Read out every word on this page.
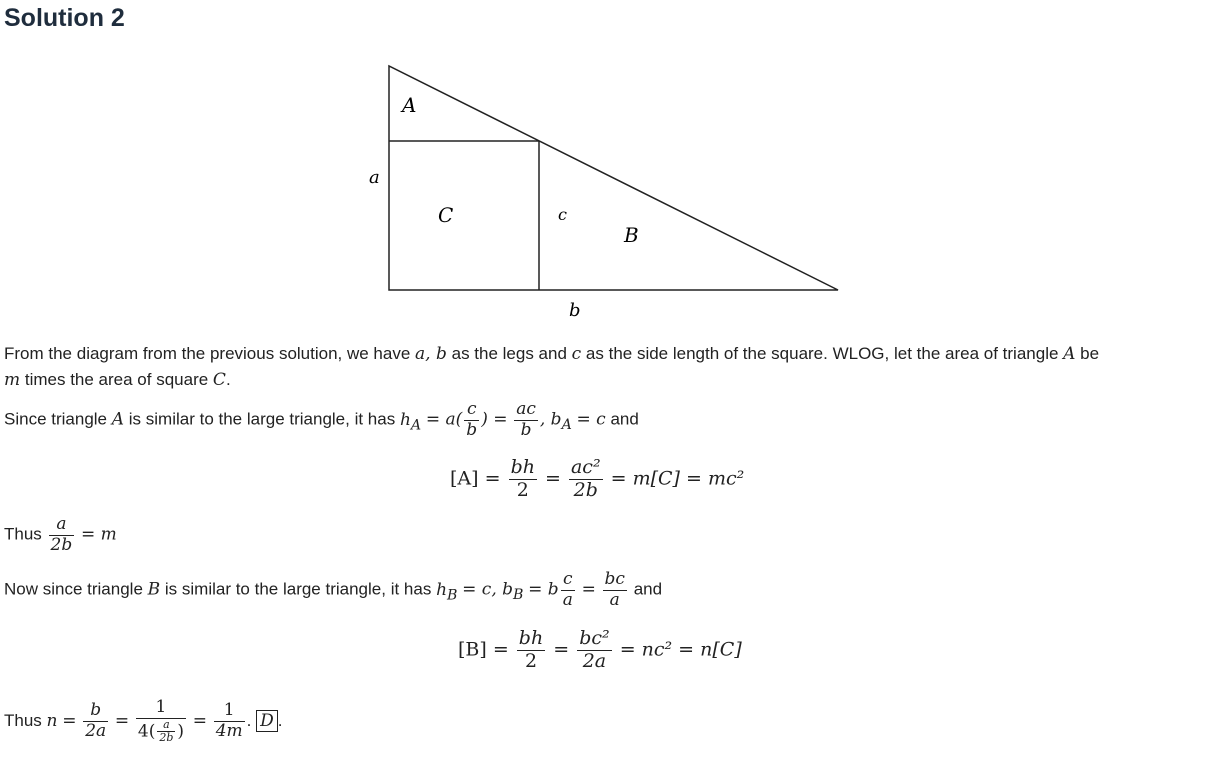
Solution 2
A
C
B
a
c
b
From the diagram from the previous solution, we have a, b as the legs and c as the side length of the square. WLOG, let the area of triangle A be
m times the area of square C.
Since triangle A is similar to the large triangle, it has $h_A = a( \frac{c}{b}$ ) = $\frac{ac}{b}$ , $b_A = c$ and
$[A] = \frac{bh}{2} = \frac{\text{ac²}}{2b} = m[C] = mc^2$
Thus $\frac{a}{2b} = m$
Now since triangle B is similar to the large triangle, it has $h_B = c$, $b_B = b \frac{c}{a} = \frac{bc}{a}$ and
$[B] = \frac{bh}{2} = \frac{\text{bc²}}{2a} = nc^2 = n[C]$
Thus $n = \frac{b}{2a} = \frac{1}{4( \frac{a}{2b} )} = \frac{1}{4m}$ . D .
